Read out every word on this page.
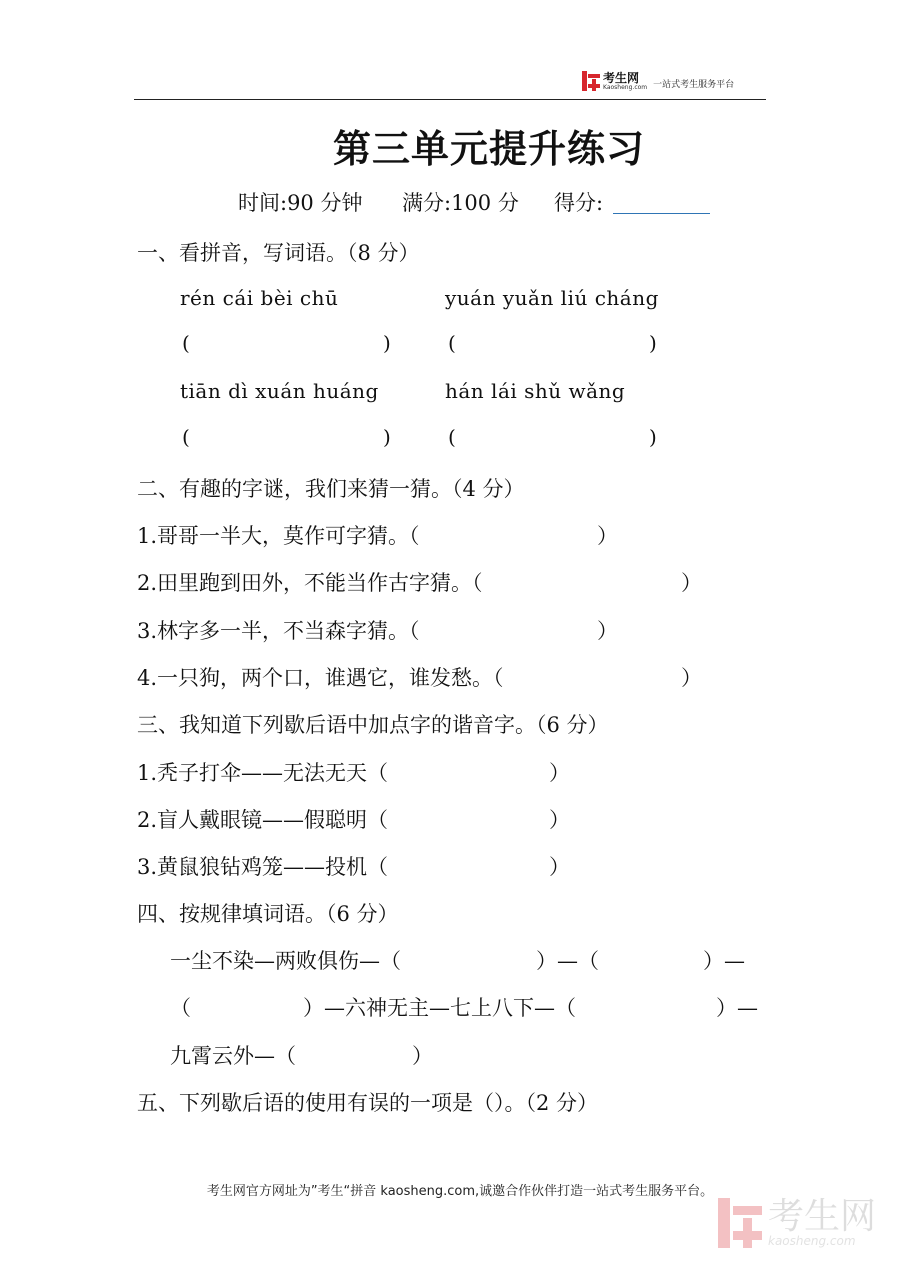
考生网
Kaosheng.com 一站式考生服务平台
第三单元提升练习
时间:90 分钟 满分:100 分 得分:
一、看拼音，写词语。（8 分）
rén cái bèi chū	yuán yuǎn liú cháng
(	)	(	)
tiān dì xuán huáng	hán lái shǔ wǎng
(	)	(	)
二、有趣的字谜，我们来猜一猜。（4 分）
1.哥哥一半大，莫作可字猜。（	）
2.田里跑到田外，不能当作古字猜。（	）
3.林字多一半，不当森字猜。（	）
4.一只狗，两个口，谁遇它，谁发愁。（	）
三、我知道下列歇后语中加点字的谐音字。（6 分）
1.秃子打伞——无法无天（	）
2.盲人戴眼镜——假聪明（	）
3.黄鼠狼钻鸡笼——投机（	）
四、按规律填词语。（6 分）
一尘不染—两败俱伤—（	）—（	）—
（	）—六神无主—七上八下—（	）—
九霄云外—（	）
五、下列歇后语的使用有误的一项是（）。（2 分）
考生网官方网址为”考生“拼音 kaosheng.com,诚邀合作伙伴打造一站式考生服务平台。
考生网
kaosheng.com
